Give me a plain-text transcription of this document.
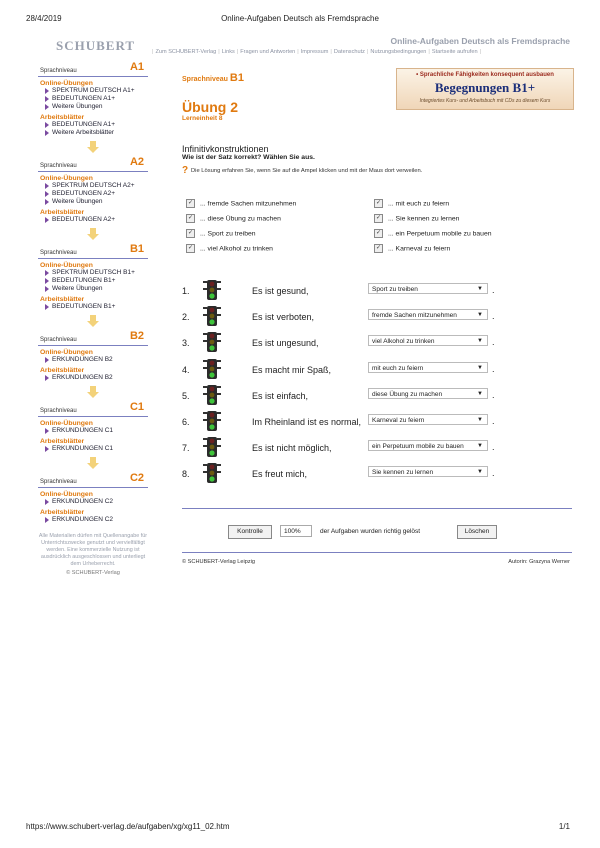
28/4/2019	Online-Aufgaben Deutsch als Fremdsprache
https://www.schubert-verlag.de/aufgaben/xg/xg11_02.htm	1/1
SCHUBERT	Online-Aufgaben Deutsch als Fremdsprache
| Zum SCHUBERT-Verlag | Links | Fragen und Antworten | Impressum | Datenschutz | Nutzungsbedingungen | Startseite aufrufen |
Sprachniveau	A1
Online-Übungen
SPEKTRUM DEUTSCH A1+
BEDEUTUNGEN A1+
Weitere Übungen
Arbeitsblätter
BEDEUTUNGEN A1+
Weitere Arbeitsblätter
Sprachniveau	A2
Online-Übungen
SPEKTRUM DEUTSCH A2+
BEDEUTUNGEN A2+
Weitere Übungen
Arbeitsblätter
BEDEUTUNGEN A2+
Sprachniveau	B1
Online-Übungen
SPEKTRUM DEUTSCH B1+
BEDEUTUNGEN B1+
Weitere Übungen
Arbeitsblätter
BEDEUTUNGEN B1+
Sprachniveau	B2
Online-Übungen
ERKUNDUNGEN B2
Arbeitsblätter
ERKUNDUNGEN B2
Sprachniveau	C1
Online-Übungen
ERKUNDUNGEN C1
Arbeitsblätter
ERKUNDUNGEN C1
Sprachniveau	C2
Online-Übungen
ERKUNDUNGEN C2
Arbeitsblätter
ERKUNDUNGEN C2
Alle Materialien dürfen mit Quellenangabe für Unterrichtszwecke genutzt und vervielfältigt werden. Eine kommerzielle Nutzung ist ausdrücklich ausgeschlossen und unterliegt dem Urheberrecht.
© SCHUBERT-Verlag
Sprachniveau B1
Übung 2
Lerneinheit 8
• Sprachliche Fähigkeiten konsequent ausbauen
Begegnungen B1+
Integriertes Kurs- und Arbeitsbuch mit CDs zu diesem Kurs
Infinitivkonstruktionen
Wie ist der Satz korrekt? Wählen Sie aus.
? Die Lösung erfahren Sie, wenn Sie auf die Ampel klicken und mit der Maus dort verweilen.
✓ ... fremde Sachen mitzunehmen
✓ ... diese Übung zu machen
✓ ... Sport zu treiben
✓ ... viel Alkohol zu trinken
✓ ... mit euch zu feiern
✓ ... Sie kennen zu lernen
✓ ... ein Perpetuum mobile zu bauen
✓ ... Karneval zu feiern
1.	Es ist gesund,	Sport zu treiben	▼ .
2.	Es ist verboten,	fremde Sachen mitzunehmen	▼ .
3.	Es ist ungesund,	viel Alkohol zu trinken	▼ .
4.	Es macht mir Spaß,	mit euch zu feiern	▼ .
5.	Es ist einfach,	diese Übung zu machen	▼ .
6.	Im Rheinland ist es normal,	Karneval zu feiern	▼ .
7.	Es ist nicht möglich,	ein Perpetuum mobile zu bauen ▼ .
8.	Es freut mich,	Sie kennen zu lernen	▼ .
Kontrolle	100%	der Aufgaben wurden richtig gelöst	Löschen
© SCHUBERT-Verlag Leipzig	Autorin: Grazyna Werner
